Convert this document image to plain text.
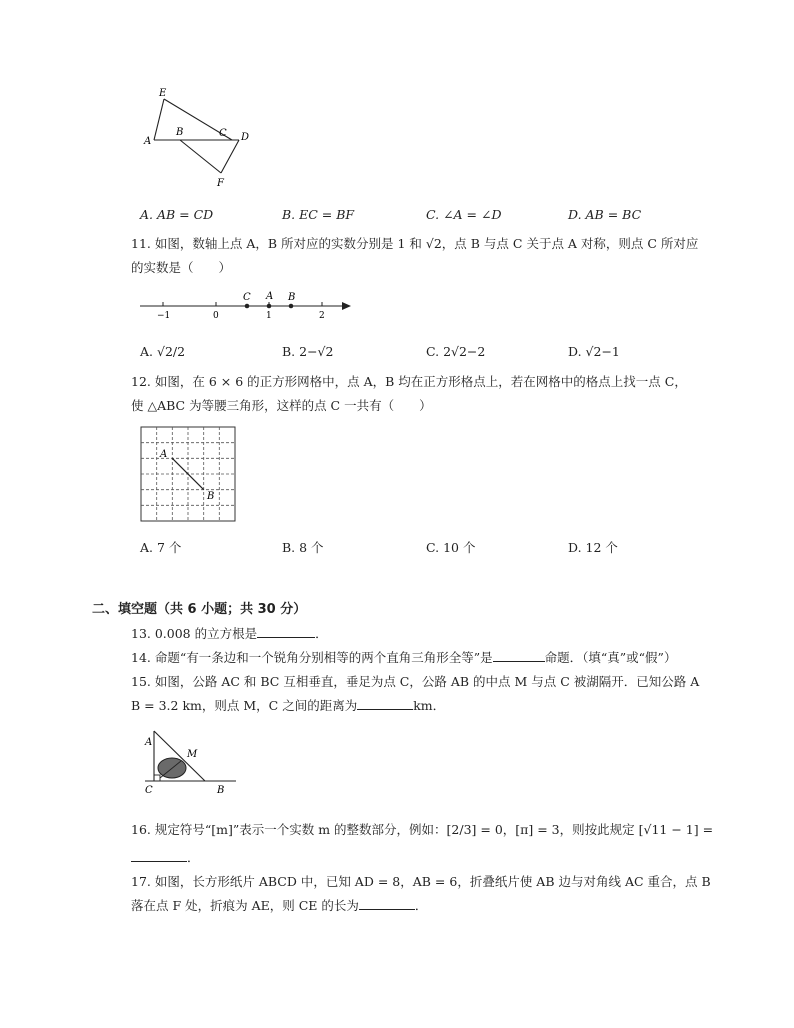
E
A
B	C D
F
A. AB = CD	B. EC = BF	C. ∠A = ∠D	D. AB = BC
11. 如图，数轴上点 A，B 所对应的实数分别是 1 和 √2，点 B 与点 C 关于点 A 对称，则点 C 所对应
的实数是（　　）
C A B
−1	0	1	2
A. √2/2	B. 2−√2	C. 2√2−2	D. √2−1
12. 如图，在 6 × 6 的正方形网格中，点 A，B 均在正方形格点上，若在网格中的格点上找一点 C，
使 △ABC 为等腰三角形，这样的点 C 一共有（　　）
A
B
A. 7 个	B. 8 个	C. 10 个	D. 12 个
二、填空题（共 6 小题；共 30 分）
13. 0.008 的立方根是	．
14. 命题“有一条边和一个锐角分别相等的两个直角三角形全等”是	命题．（填“真”或“假”）
15. 如图，公路 AC 和 BC 互相垂直，垂足为点 C，公路 AB 的中点 M 与点 C 被湖隔开．已知公路 A
B = 3.2 km，则点 M，C 之间的距离为	km．
A
M
C	B
16. 规定符号“[m]”表示一个实数 m 的整数部分，例如：[2/3] = 0，[π] = 3，则按此规定 [√11 − 1] =
．
17. 如图，长方形纸片 ABCD 中，已知 AD = 8，AB = 6，折叠纸片使 AB 边与对角线 AC 重合，点 B
落在点 F 处，折痕为 AE，则 CE 的长为	．
